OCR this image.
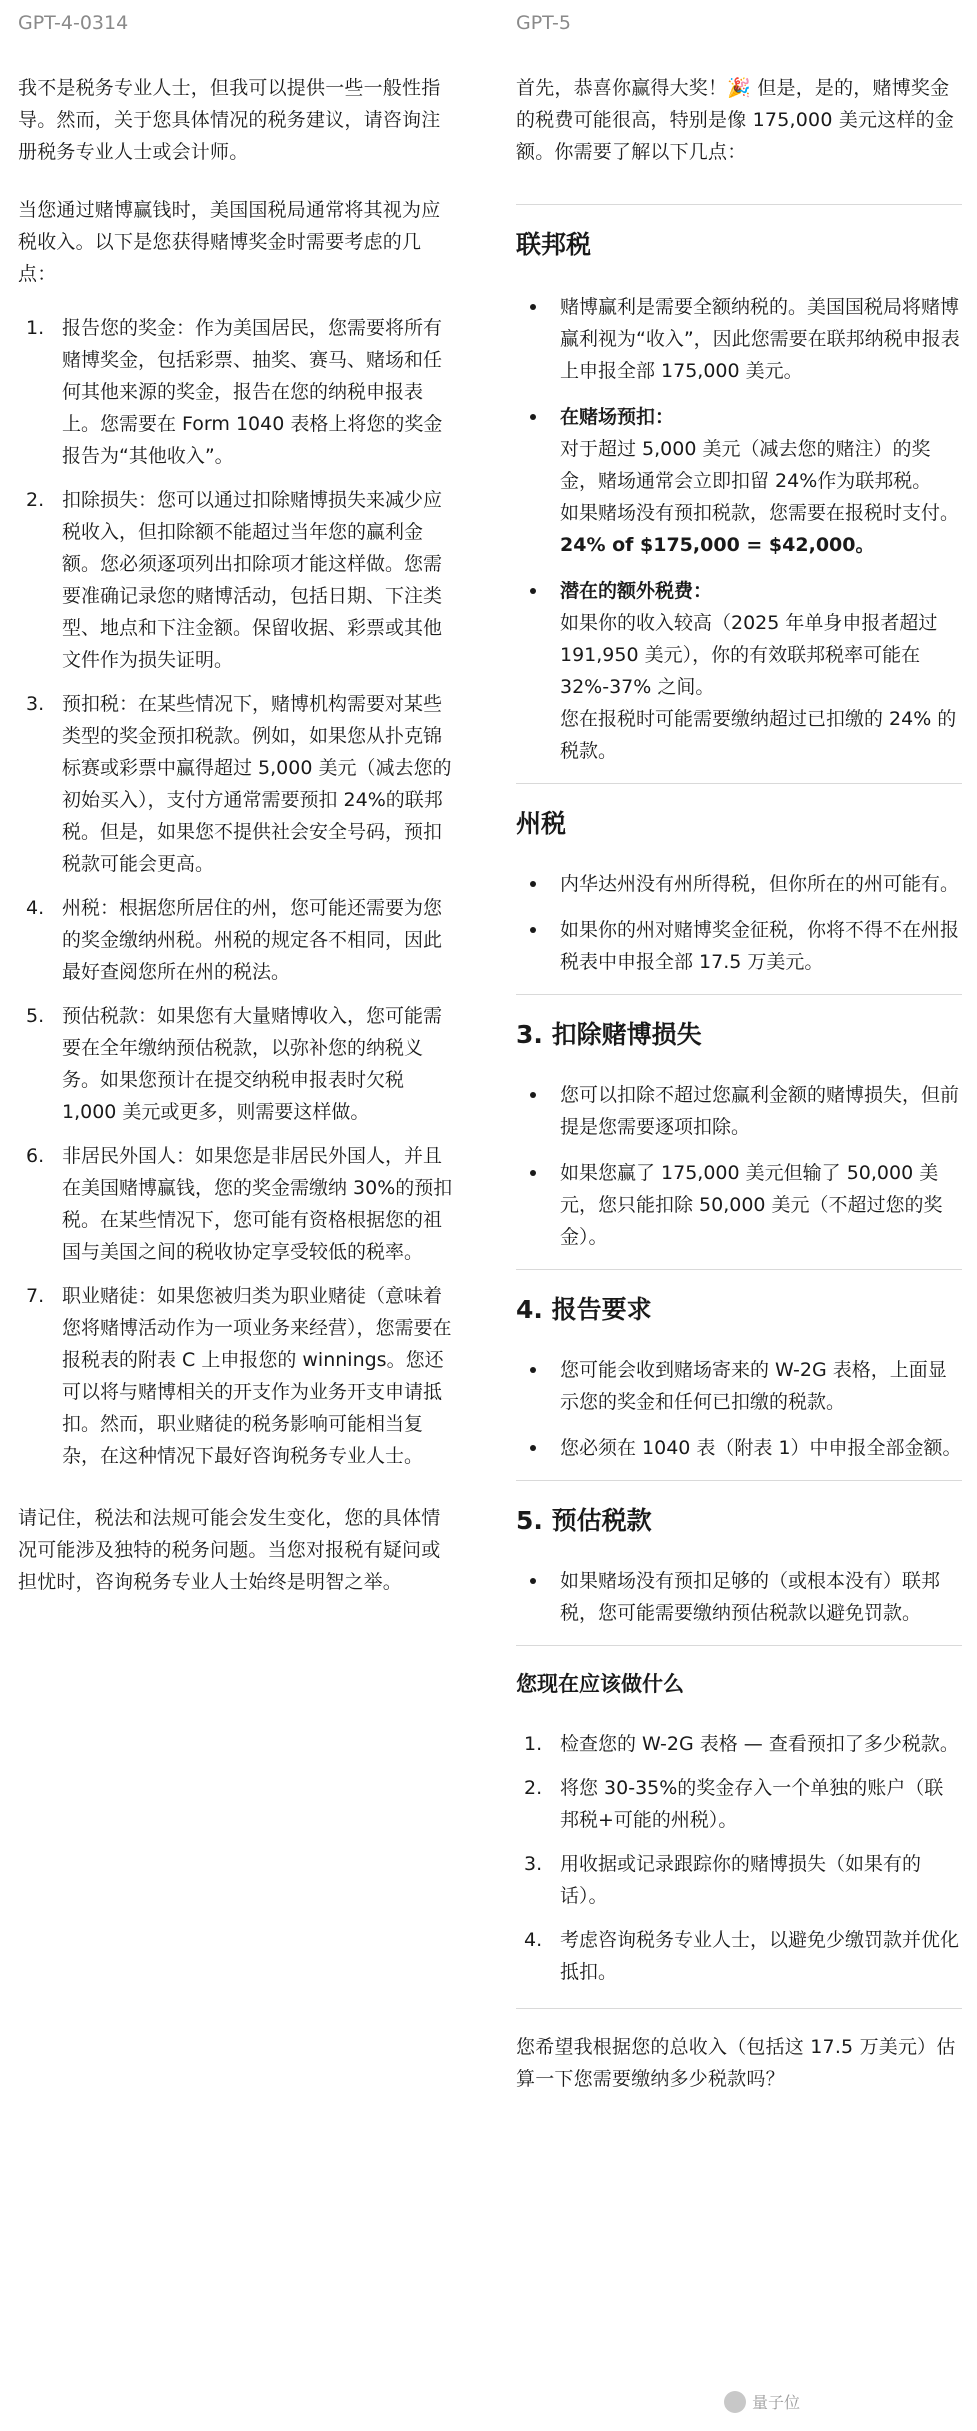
GPT-4-0314

我不是税务专业人士，但我可以提供一些一般性指导。然而，关于您具体情况的税务建议，请咨询注册税务专业人士或会计师。

当您通过赌博赢钱时，美国国税局通常将其视为应税收入。以下是您获得赌博奖金时需要考虑的几点：

1. 报告您的奖金：作为美国居民，您需要将所有赌博奖金，包括彩票、抽奖、赛马、赌场和任何其他来源的奖金，报告在您的纳税申报表上。您需要在 Form 1040 表格上将您的奖金报告为“其他收入”。
2. 扣除损失：您可以通过扣除赌博损失来减少应税收入，但扣除额不能超过当年您的赢利金额。您必须逐项列出扣除项才能这样做。您需要准确记录您的赌博活动，包括日期、下注类型、地点和下注金额。保留收据、彩票或其他文件作为损失证明。
3. 预扣税：在某些情况下，赌博机构需要对某些类型的奖金预扣税款。例如，如果您从扑克锦标赛或彩票中赢得超过 5,000 美元（减去您的初始买入），支付方通常需要预扣 24%的联邦税。但是，如果您不提供社会安全号码，预扣税款可能会更高。
4. 州税：根据您所居住的州，您可能还需要为您的奖金缴纳州税。州税的规定各不相同，因此最好查阅您所在州的税法。
5. 预估税款：如果您有大量赌博收入，您可能需要在全年缴纳预估税款，以弥补您的纳税义务。如果您预计在提交纳税申报表时欠税 1,000 美元或更多，则需要这样做。
6. 非居民外国人：如果您是非居民外国人，并且在美国赌博赢钱，您的奖金需缴纳 30%的预扣税。在某些情况下，您可能有资格根据您的祖国与美国之间的税收协定享受较低的税率。
7. 职业赌徒：如果您被归类为职业赌徒（意味着您将赌博活动作为一项业务来经营），您需要在报税表的附表 C 上申报您的 winnings。您还可以将与赌博相关的开支作为业务开支申请抵扣。然而，职业赌徒的税务影响可能相当复杂，在这种情况下最好咨询税务专业人士。

请记住，税法和法规可能会发生变化，您的具体情况可能涉及独特的税务问题。当您对报税有疑问或担忧时，咨询税务专业人士始终是明智之举。

GPT-5

首先，恭喜你赢得大奖！🎉 但是，是的，赌博奖金的税费可能很高，特别是像 175,000 美元这样的金额。你需要了解以下几点：

联邦税
赌博赢利是需要全额纳税的。美国国税局将赌博赢利视为“收入”，因此您需要在联邦纳税申报表上申报全部 175,000 美元。
在赌场预扣：
对于超过 5,000 美元（减去您的赌注）的奖金，赌场通常会立即扣留 24%作为联邦税。
如果赌场没有预扣税款，您需要在报税时支付。
24% of $175,000 = $42,000。
潜在的额外税费：
如果你的收入较高（2025 年单身申报者超过 191,950 美元），你的有效联邦税率可能在 32%-37% 之间。
您在报税时可能需要缴纳超过已扣缴的 24% 的税款。
州税
内华达州没有州所得税，但你所在的州可能有。
如果你的州对赌博奖金征税，你将不得不在州报税表中申报全部 17.5 万美元。
3. 扣除赌博损失
您可以扣除不超过您赢利金额的赌博损失，但前提是您需要逐项扣除。
如果您赢了 175,000 美元但输了 50,000 美元，您只能扣除 50,000 美元（不超过您的奖金）。
4. 报告要求
您可能会收到赌场寄来的 W-2G 表格，上面显示您的奖金和任何已扣缴的税款。
您必须在 1040 表（附表 1）中申报全部金额。
5. 预估税款
如果赌场没有预扣足够的（或根本没有）联邦税，您可能需要缴纳预估税款以避免罚款。
您现在应该做什么
1. 检查您的 W-2G 表格 — 查看预扣了多少税款。
2. 将您 30-35%的奖金存入一个单独的账户（联邦税+可能的州税）。
3. 用收据或记录跟踪你的赌博损失（如果有的话）。
4. 考虑咨询税务专业人士，以避免少缴罚款并优化抵扣。

您希望我根据您的总收入（包括这 17.5 万美元）估算一下您需要缴纳多少税款吗？

量子位
